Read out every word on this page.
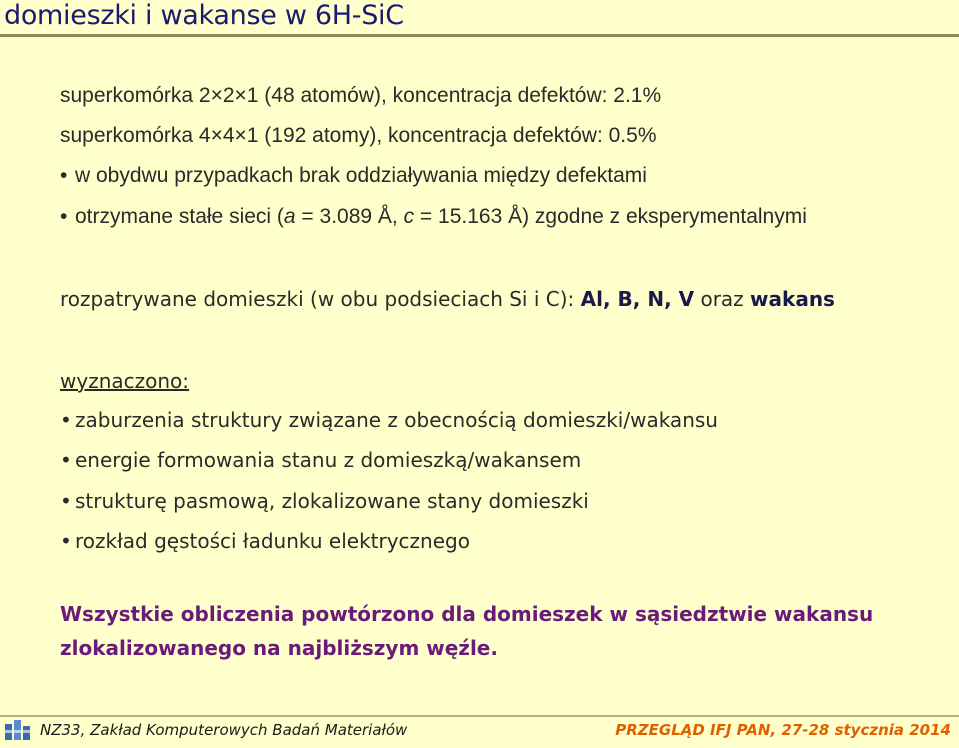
domieszki i wakanse w 6H-SiC
superkomórka 2×2×1 (48 atomów), koncentracja defektów: 2.1%
superkomórka 4×4×1 (192 atomy), koncentracja defektów: 0.5%
• w obydwu przypadkach brak oddziaływania między defektami
• otrzymane stałe sieci (a = 3.089 Å, c = 15.163 Å) zgodne z eksperymentalnymi
rozpatrywane domieszki (w obu podsieciach Si i C): Al, B, N, V oraz wakans
wyznaczono:
• zaburzenia struktury związane z obecnością domieszki/wakansu
• energie formowania stanu z domieszką/wakansem
• strukturę pasmową, zlokalizowane stany domieszki
• rozkład gęstości ładunku elektrycznego
Wszystkie obliczenia powtórzono dla domieszek w sąsiedztwie wakansu
zlokalizowanego na najbliższym węźle.
NZ33, Zakład Komputerowych Badań Materiałów	PRZEGLĄD IFJ PAN, 27-28 stycznia 2014
